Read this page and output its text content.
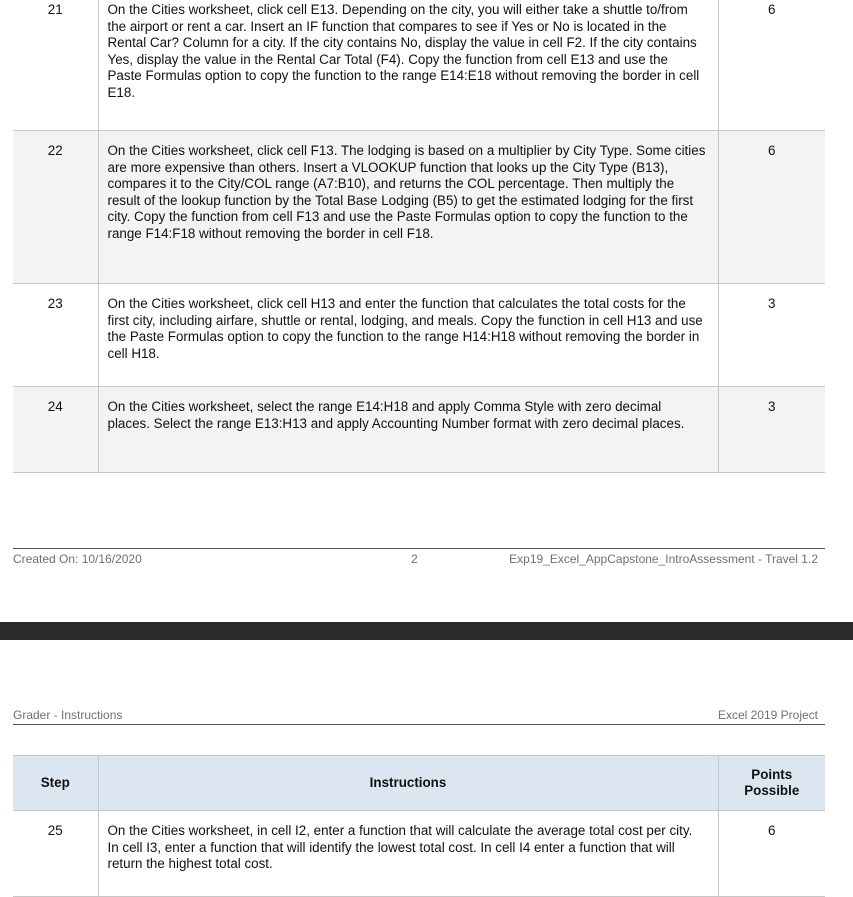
21	On the Cities worksheet, click cell E13. Depending on the city, you will either take a shuttle to/from the airport or rent a car. Insert an IF function that compares to see if Yes or No is located in the Rental Car? Column for a city. If the city contains No, display the value in cell F2. If the city contains Yes, display the value in the Rental Car Total (F4). Copy the function from cell E13 and use the Paste Formulas option to copy the function to the range E14:E18 without removing the border in cell E18.	6
22	On the Cities worksheet, click cell F13. The lodging is based on a multiplier by City Type. Some cities are more expensive than others. Insert a VLOOKUP function that looks up the City Type (B13), compares it to the City/COL range (A7:B10), and returns the COL percentage. Then multiply the result of the lookup function by the Total Base Lodging (B5) to get the estimated lodging for the first city. Copy the function from cell F13 and use the Paste Formulas option to copy the function to the range F14:F18 without removing the border in cell F18.	6
23	On the Cities worksheet, click cell H13 and enter the function that calculates the total costs for the first city, including airfare, shuttle or rental, lodging, and meals. Copy the function in cell H13 and use the Paste Formulas option to copy the function to the range H14:H18 without removing the border in cell H18.	3
24	On the Cities worksheet, select the range E14:H18 and apply Comma Style with zero decimal places. Select the range E13:H13 and apply Accounting Number format with zero decimal places.	3
Created On: 10/16/2020	2	Exp19_Excel_AppCapstone_IntroAssessment - Travel 1.2
Grader - Instructions	Excel 2019 Project
Step	Instructions	Points
Possible
25	On the Cities worksheet, in cell I2, enter a function that will calculate the average total cost per city. In cell I3, enter a function that will identify the lowest total cost. In cell I4 enter a function that will return the highest total cost.	6
